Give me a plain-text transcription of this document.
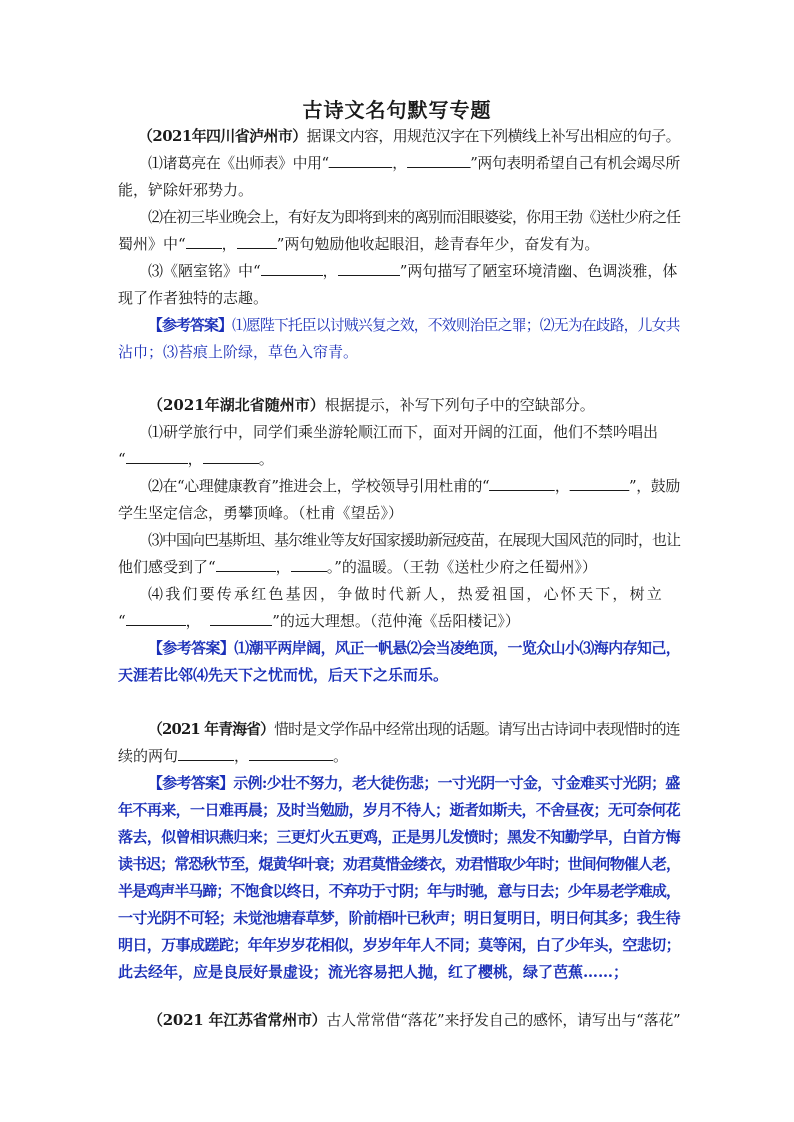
古诗文名句默写专题
（2021年四川省泸州市）据课文内容，用规范汉字在下列横线上补写出相应的句子。
⑴诸葛亮在《出师表》中用“	，	”两句表明希望自己有机会竭尽所
能，铲除奸邪势力。
⑵在初三毕业晚会上，有好友为即将到来的离别而泪眼婆娑，你用王勃《送杜少府之任
蜀州》中“ ，	”两句勉励他收起眼泪，趁青春年少，奋发有为。
⑶《陋室铭》中“	，	”两句描写了陋室环境清幽、色调淡雅，体
现了作者独特的志趣。
【参考答案】⑴愿陛下托臣以讨贼兴复之效，不效则治臣之罪；⑵无为在歧路，儿女共
沾巾；⑶苔痕上阶绿，草色入帘青。
（2021年湖北省随州市）根据提示，补写下列句子中的空缺部分。
⑴研学旅行中，同学们乘坐游轮顺江而下，面对开阔的江面，他们不禁吟唱出
“	，	。
⑵在“心理健康教育”推进会上，学校领导引用杜甫的“	，	”，鼓励
学生坚定信念，勇攀顶峰。（杜甫《望岳》）
⑶中国向巴基斯坦、基尔维业等友好国家援助新冠疫苗，在展现大国风范的同时，也让
他们感受到了“	， 。”的温暖。（王勃《送杜少府之任蜀州》）
⑷我们要传承红色基因，争做时代新人，热爱祖国，心怀天下，树立
“	，	”的远大理想。（范仲淹《岳阳楼记》）
【参考答案】⑴潮平两岸阔，风正一帆悬⑵会当凌绝顶，一览众山小⑶海内存知己，
天涯若比邻⑷先天下之忧而忧，后天下之乐而乐。
（2021 年青海省）惜时是文学作品中经常出现的话题。请写出古诗词中表现惜时的连
续的两句	，	。
【参考答案】示例:少壮不努力，老大徒伤悲；一寸光阴一寸金，寸金难买寸光阴；盛
年不再来，一日难再晨；及时当勉励，岁月不待人；逝者如斯夫，不舍昼夜；无可奈何花
落去，似曾相识燕归来；三更灯火五更鸡，正是男儿发愤时；黑发不知勤学早，白首方悔
读书迟；常恐秋节至，焜黄华叶衰；劝君莫惜金缕衣，劝君惜取少年时；世间何物催人老，
半是鸡声半马蹄；不饱食以终日，不弃功于寸阴；年与时驰，意与日去；少年易老学难成，
一寸光阴不可轻；未觉池塘春草梦，阶前梧叶已秋声；明日复明日，明日何其多；我生待
明日，万事成蹉跎；年年岁岁花相似，岁岁年年人不同；莫等闲，白了少年头，空悲切；
此去经年，应是良辰好景虚设；流光容易把人抛，红了樱桃，绿了芭蕉……；
（2021 年江苏省常州市）古人常常借“落花”来抒发自己的感怀，请写出与“落花”
